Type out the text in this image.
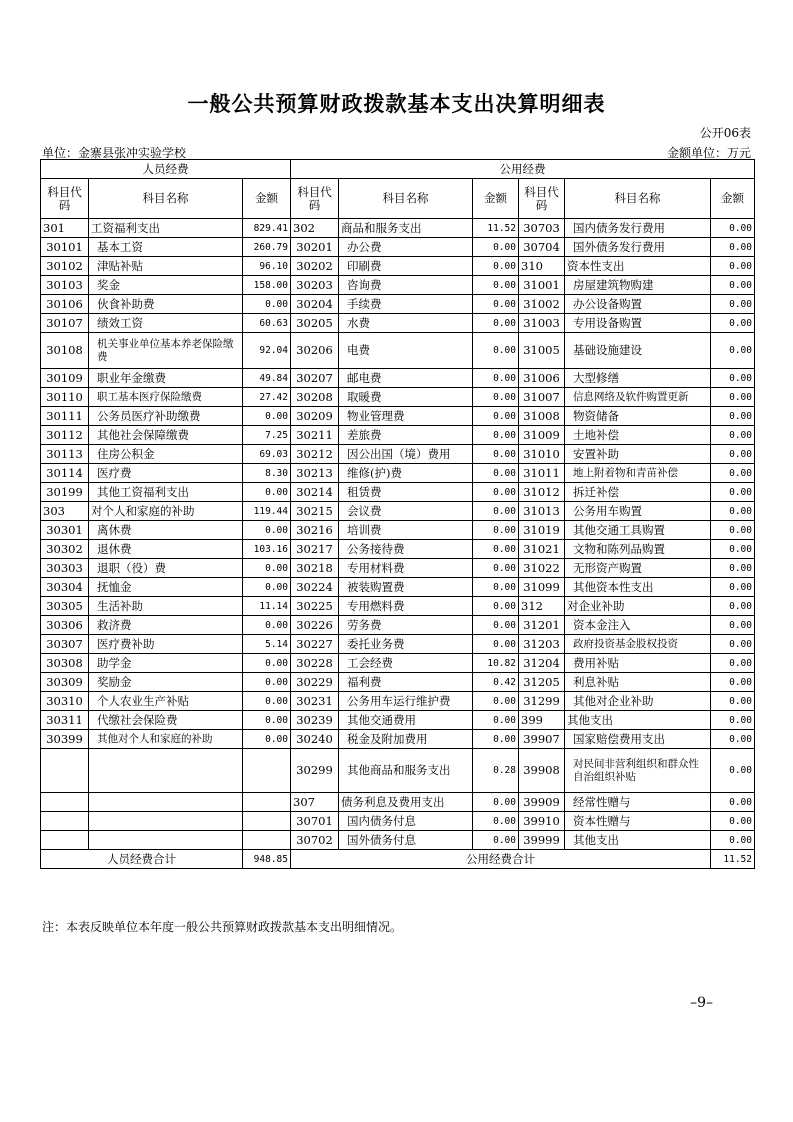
一般公共预算财政拨款基本支出决算明细表
公开06表
单位：金寨县张冲实验学校	金额单位：万元
人员经费			公用经费					
科目代码	科目名称	金额	科目代码	科目名称	金额	科目代码	科目名称	金额
301	工资福利支出	829.41	302	商品和服务支出	11.52	30703	国内债务发行费用	0.00
30101	基本工资	260.79	30201	办公费	0.00	30704	国外债务发行费用	0.00
30102	津贴补贴	96.10	30202	印刷费	0.00	310	资本性支出	0.00
30103	奖金	158.00	30203	咨询费	0.00	31001	房屋建筑物购建	0.00
30106	伙食补助费	0.00	30204	手续费	0.00	31002	办公设备购置	0.00
30107	绩效工资	60.63	30205	水费	0.00	31003	专用设备购置	0.00
30108	机关事业单位基本养老保险缴费	92.04	30206	电费	0.00	31005	基础设施建设	0.00
30109	职业年金缴费	49.84	30207	邮电费	0.00	31006	大型修缮	0.00
30110	职工基本医疗保险缴费	27.42	30208	取暖费	0.00	31007	信息网络及软件购置更新	0.00
30111	公务员医疗补助缴费	0.00	30209	物业管理费	0.00	31008	物资储备	0.00
30112	其他社会保障缴费	7.25	30211	差旅费	0.00	31009	土地补偿	0.00
30113	住房公积金	69.03	30212	因公出国（境）费用	0.00	31010	安置补助	0.00
30114	医疗费	8.30	30213	维修(护)费	0.00	31011	地上附着物和青苗补偿	0.00
30199	其他工资福利支出	0.00	30214	租赁费	0.00	31012	拆迁补偿	0.00
303	对个人和家庭的补助	119.44	30215	会议费	0.00	31013	公务用车购置	0.00
30301	离休费	0.00	30216	培训费	0.00	31019	其他交通工具购置	0.00
30302	退休费	103.16	30217	公务接待费	0.00	31021	文物和陈列品购置	0.00
30303	退职（役）费	0.00	30218	专用材料费	0.00	31022	无形资产购置	0.00
30304	抚恤金	0.00	30224	被装购置费	0.00	31099	其他资本性支出	0.00
30305	生活补助	11.14	30225	专用燃料费	0.00	312	对企业补助	0.00
30306	救济费	0.00	30226	劳务费	0.00	31201	资本金注入	0.00
30307	医疗费补助	5.14	30227	委托业务费	0.00	31203	政府投资基金股权投资	0.00
30308	助学金	0.00	30228	工会经费	10.82	31204	费用补贴	0.00
30309	奖励金	0.00	30229	福利费	0.42	31205	利息补贴	0.00
30310	个人农业生产补贴	0.00	30231	公务用车运行维护费	0.00	31299	其他对企业补助	0.00
30311	代缴社会保险费	0.00	30239	其他交通费用	0.00	399	其他支出	0.00
30399	其他对个人和家庭的补助	0.00	30240	税金及附加费用	0.00	39907	国家赔偿费用支出	0.00
			30299	其他商品和服务支出	0.28	39908	对民间非营利组织和群众性自治组织补贴	0.00
			307	债务利息及费用支出	0.00	39909	经常性赠与	0.00
			30701	国内债务付息	0.00	39910	资本性赠与	0.00
			30702	国外债务付息	0.00	39999	其他支出	0.00
人员经费合计		948.85	公用经费合计					11.52
注：本表反映单位本年度一般公共预算财政拨款基本支出明细情况。
–9–
